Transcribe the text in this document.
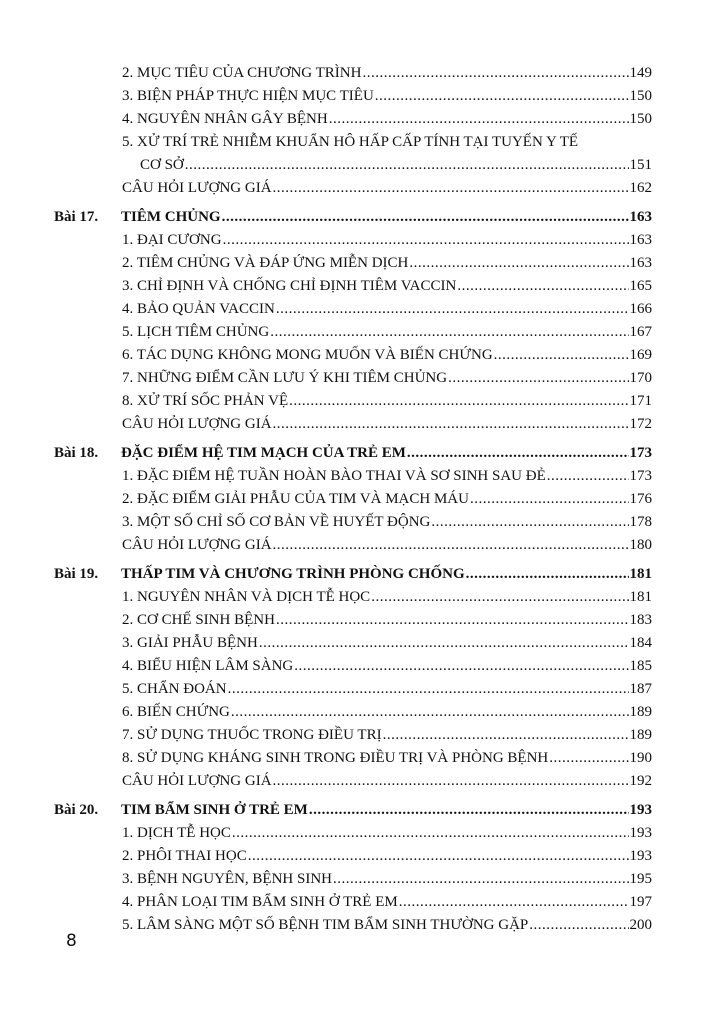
2. MỤC TIÊU CỦA CHƯƠNG TRÌNH .....	149
3. BIỆN PHÁP THỰC HIỆN MỤC TIÊU .....	150
4. NGUYÊN NHÂN GÂY BỆNH .....	150
5. XỬ TRÍ TRẺ NHIỄM KHUẨN HÔ HẤP CẤP TÍNH TẠI TUYẾN Y TẾ
CƠ SỞ .....	151
CÂU HỎI LƯỢNG GIÁ .....	162
Bài 17.	TIÊM CHỦNG .....	163
1. ĐẠI CƯƠNG .....	163
2. TIÊM CHỦNG VÀ ĐÁP ỨNG MIỄN DỊCH .....	163
3. CHỈ ĐỊNH VÀ CHỐNG CHỈ ĐỊNH TIÊM VACCIN .....	165
4. BẢO QUẢN VACCIN .....	166
5. LỊCH TIÊM CHỦNG .....	167
6. TÁC DỤNG KHÔNG MONG MUỐN VÀ BIẾN CHỨNG .....	169
7. NHỮNG ĐIỂM CẦN LƯU Ý KHI TIÊM CHỦNG .....	170
8. XỬ TRÍ SỐC PHẢN VỆ .....	171
CÂU HỎI LƯỢNG GIÁ .....	172
Bài 18.	ĐẶC ĐIỂM HỆ TIM MẠCH CỦA TRẺ EM .....	173
1. ĐẶC ĐIỂM HỆ TUẦN HOÀN BÀO THAI VÀ SƠ SINH SAU ĐẺ .....	173
2. ĐẶC ĐIỂM GIẢI PHẪU CỦA TIM VÀ MẠCH MÁU .....	176
3. MỘT SỐ CHỈ SỐ CƠ BẢN VỀ HUYẾT ĐỘNG .....	178
CÂU HỎI LƯỢNG GIÁ .....	180
Bài 19.	THẤP TIM VÀ CHƯƠNG TRÌNH PHÒNG CHỐNG .....	181
1. NGUYÊN NHÂN VÀ DỊCH TỄ HỌC .....	181
2. CƠ CHẾ SINH BỆNH .....	183
3. GIẢI PHẪU BỆNH .....	184
4. BIỂU HIỆN LÂM SÀNG .....	185
5. CHẨN ĐOÁN .....	187
6. BIẾN CHỨNG .....	189
7. SỬ DỤNG THUỐC TRONG ĐIỀU TRỊ .....	189
8. SỬ DỤNG KHÁNG SINH TRONG ĐIỀU TRỊ VÀ PHÒNG BỆNH .....	190
CÂU HỎI LƯỢNG GIÁ .....	192
Bài 20.	TIM BẨM SINH Ở TRẺ EM .....	193
1. DỊCH TỄ HỌC .....	193
2. PHÔI THAI HỌC .....	193
3. BỆNH NGUYÊN, BỆNH SINH .....	195
4. PHÂN LOẠI TIM BẨM SINH Ở TRẺ EM .....	197
5. LÂM SÀNG MỘT SỐ BỆNH TIM BẨM SINH THƯỜNG GẶP .....	200
8
